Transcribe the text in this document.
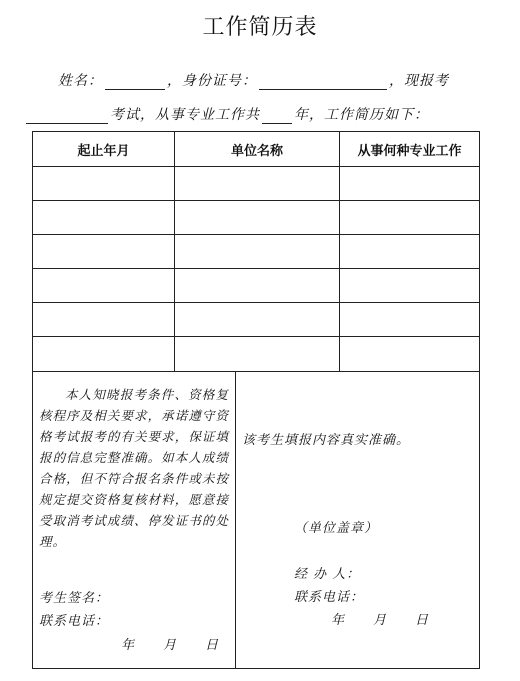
工作简历表
姓名：	， 身份证号：	， 现报考
考试，从事专业工作共 年，工作简历如下：
起止年月	单位名称	从事何种专业工作
本人知晓报考条件、资格复核程序及相关要求，承诺遵守资格考试报考的有关要求，保证填报的信息完整准确。如本人成绩合格，但不符合报名条件或未按规定提交资格复核材料，愿意接受取消考试成绩、停发证书的处理。
考生签名：
联系电话：
年　　月　　日
该考生填报内容真实准确。
（单位盖章）
经 办 人：
联系电话：
年　　月　　日
